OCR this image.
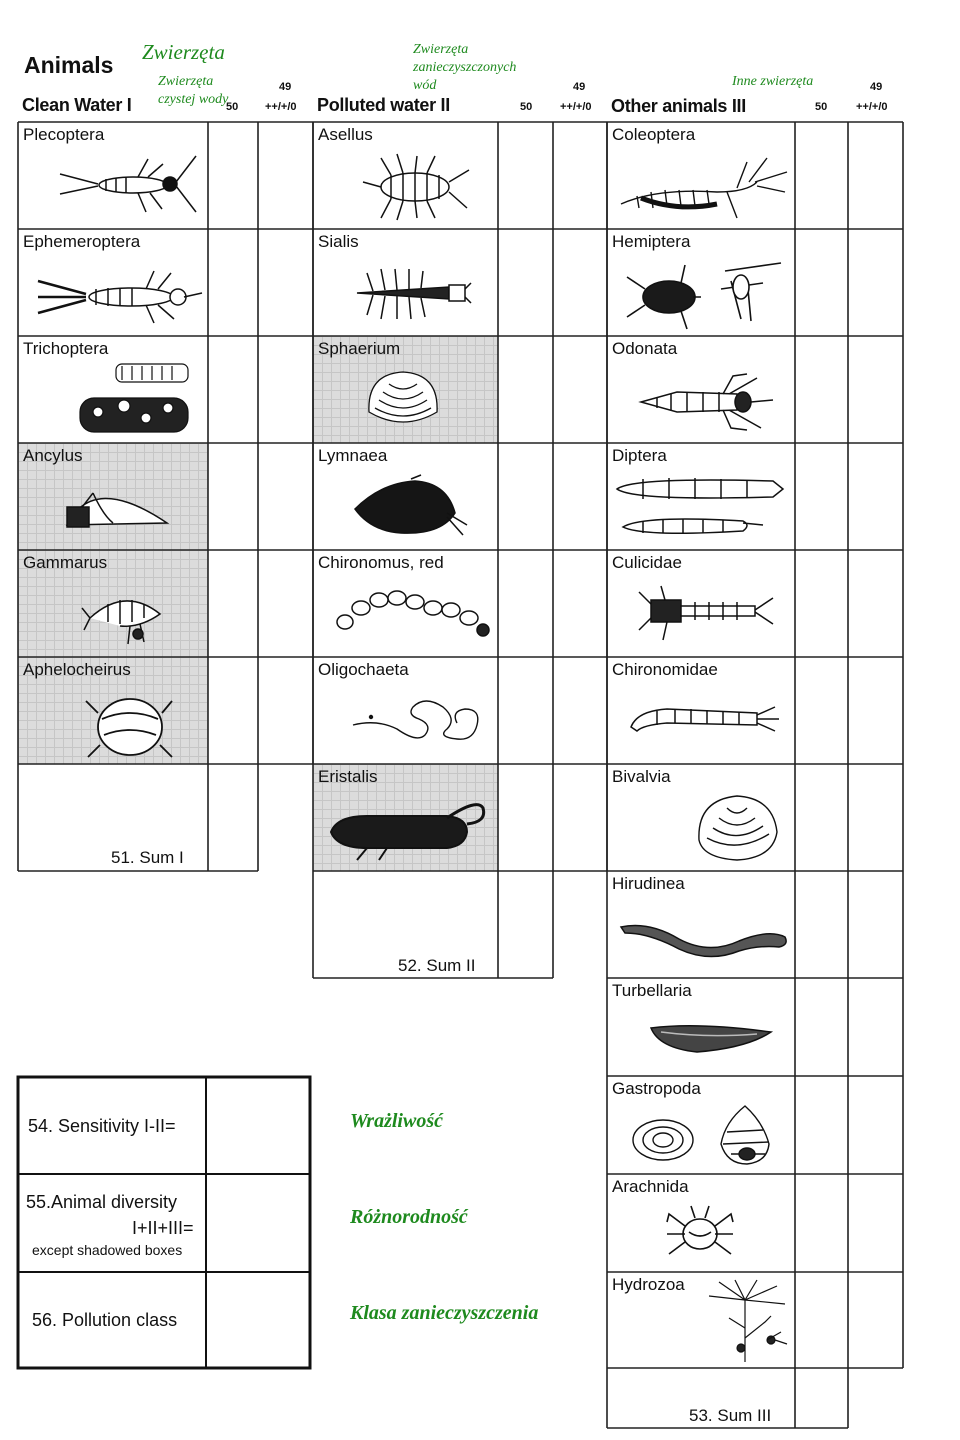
Animals Zwierzęta
Clean Water I
Zwierzęta
czystej wody
50
49
++/+/0 Polluted water II
Zwierzęta
zanieczyszczonych
wód
50
49
++/+/0 Other animals III
Inne zwierzęta
50
49
++/+/0
Plecoptera
Ephemeroptera
Trichoptera
Ancylus
Gammarus
Aphelocheirus
51. Sum I
Asellus
Sialis
Sphaerium
Lymnaea
Chironomus, red
Oligochaeta
Eristalis
52. Sum II
Coleoptera
Hemiptera
Odonata
Diptera
Culicidae
Chironomidae
Bivalvia
Hirudinea
Turbellaria
Gastropoda
Arachnida
Hydrozoa
53. Sum III
54. Sensitivity I-II=
55.Animal diversity
I+II+III=
except shadowed boxes
56. Pollution class
Wrażliwość
Różnorodność
Klasa zanieczyszczenia
